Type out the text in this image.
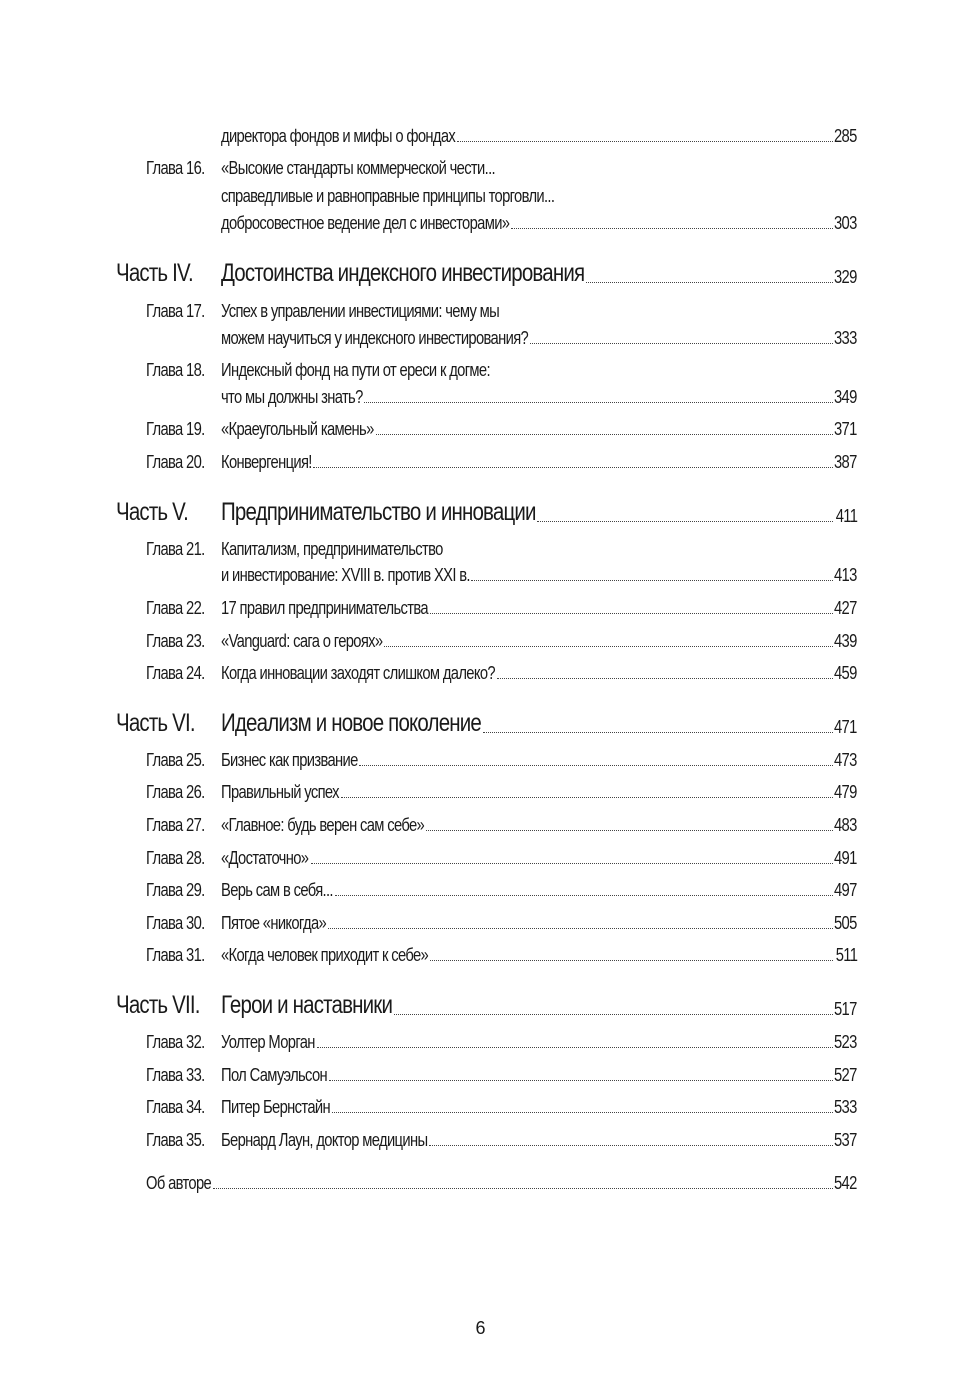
директора фондов и мифы о фондах	285
Глава 16. «Высокие стандарты коммерческой чести...
справедливые и равноправные принципы торговли...
добросовестное ведение дел с инвесторами»	303
Часть IV. Достоинства индексного инвестирования	329
Глава 17. Успех в управлении инвестициями: чему мы
можем научиться у индексного инвестирования?	333
Глава 18. Индексный фонд на пути от ереси к догме:
что мы должны знать?	349
Глава 19. «Краеугольный камень»	371
Глава 20. Конвергенция!	387
Часть V. Предпринимательство и инновации	411
Глава 21. Капитализм, предпринимательство
и инвестирование: XVIII в. против XXI в.	413
Глава 22. 17 правил предпринимательства	427
Глава 23. «Vanguard: сага о героях»	439
Глава 24. Когда инновации заходят слишком далеко?	459
Часть VI. Идеализм и новое поколение	471
Глава 25. Бизнес как призвание	473
Глава 26. Правильный успех	479
Глава 27. «Главное: будь верен сам себе»	483
Глава 28. «Достаточно»	491
Глава 29. Верь сам в себя...	497
Глава 30. Пятое «никогда»	505
Глава 31. «Когда человек приходит к себе»	511
Часть VII. Герои и наставники	517
Глава 32. Уолтер Морган	523
Глава 33. Пол Самуэльсон	527
Глава 34. Питер Бернстайн	533
Глава 35. Бернард Лаун, доктор медицины	537
Об авторе	542
6
